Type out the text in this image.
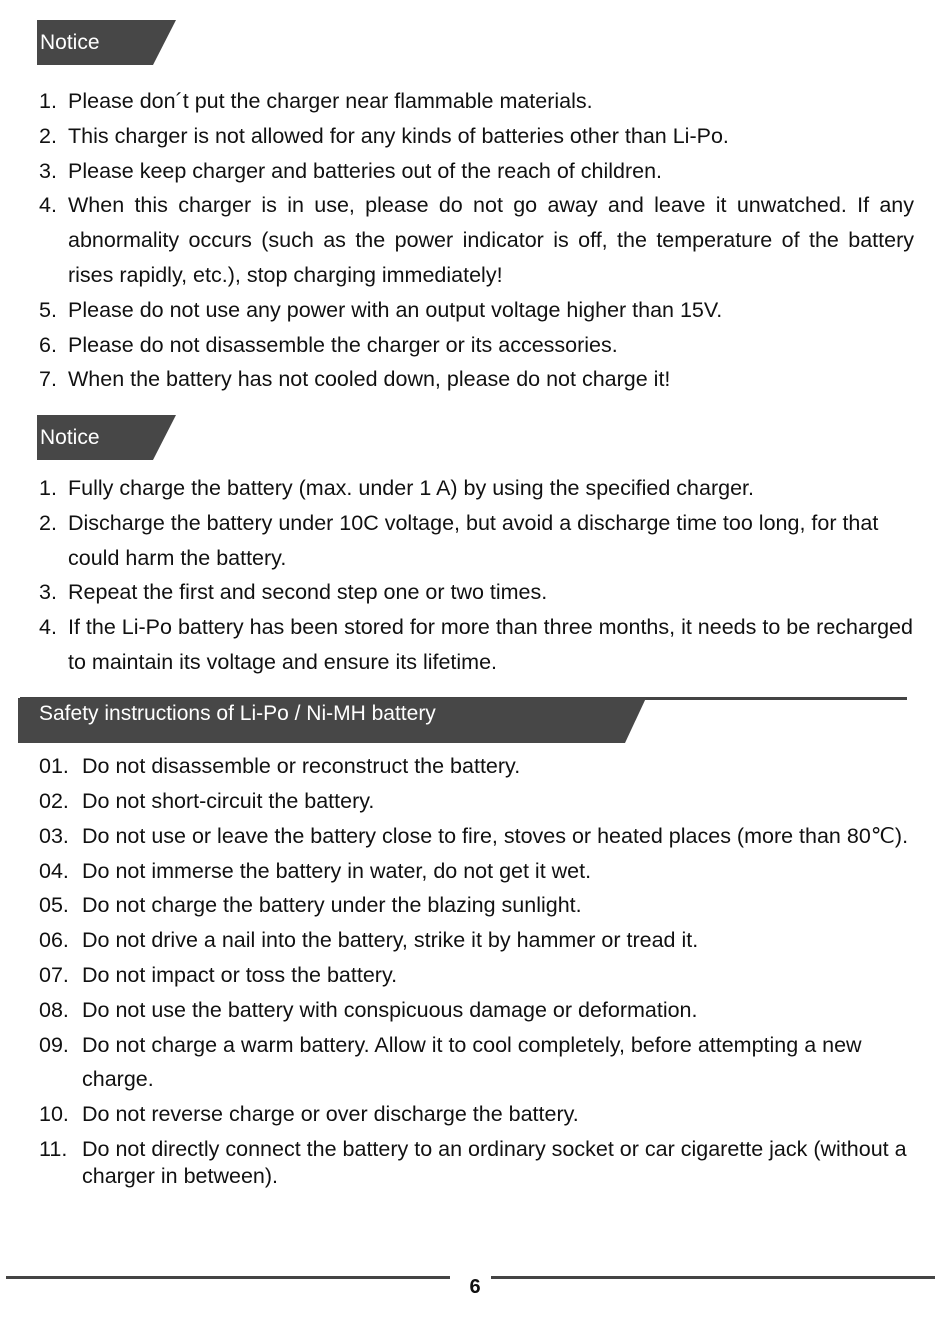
Notice
1. Please don´t put the charger near flammable materials.
2. This charger is not allowed for any kinds of batteries other than Li-Po.
3. Please keep charger and batteries out of the reach of children.
4. When this charger is in use, please do not go away and leave it unwatched. If any abnormality occurs (such as the power indicator is off, the temperature of the battery rises rapidly, etc.), stop charging immediately!
5. Please do not use any power with an output voltage higher than 15V.
6. Please do not disassemble the charger or its accessories.
7. When the battery has not cooled down, please do not charge it!
Notice
1. Fully charge the battery (max. under 1 A) by using the specified charger.
2. Discharge the battery under 10C voltage, but avoid a discharge time too long, for that could harm the battery.
3. Repeat the first and second step one or two times.
4. If the Li-Po battery has been stored for more than three months, it needs to be recharged to maintain its voltage and ensure its lifetime.
Safety instructions of Li-Po / Ni-MH battery
01. Do not disassemble or reconstruct the battery.
02. Do not short-circuit the battery.
03. Do not use or leave the battery close to fire, stoves or heated places (more than 80℃).
04. Do not immerse the battery in water, do not get it wet.
05. Do not charge the battery under the blazing sunlight.
06. Do not drive a nail into the battery, strike it by hammer or tread it.
07. Do not impact or toss the battery.
08. Do not use the battery with conspicuous damage or deformation.
09. Do not charge a warm battery. Allow it to cool completely, before attempting a new charge.
10. Do not reverse charge or over discharge the battery.
11. Do not directly connect the battery to an ordinary socket or car cigarette jack (without a charger in between).
6
